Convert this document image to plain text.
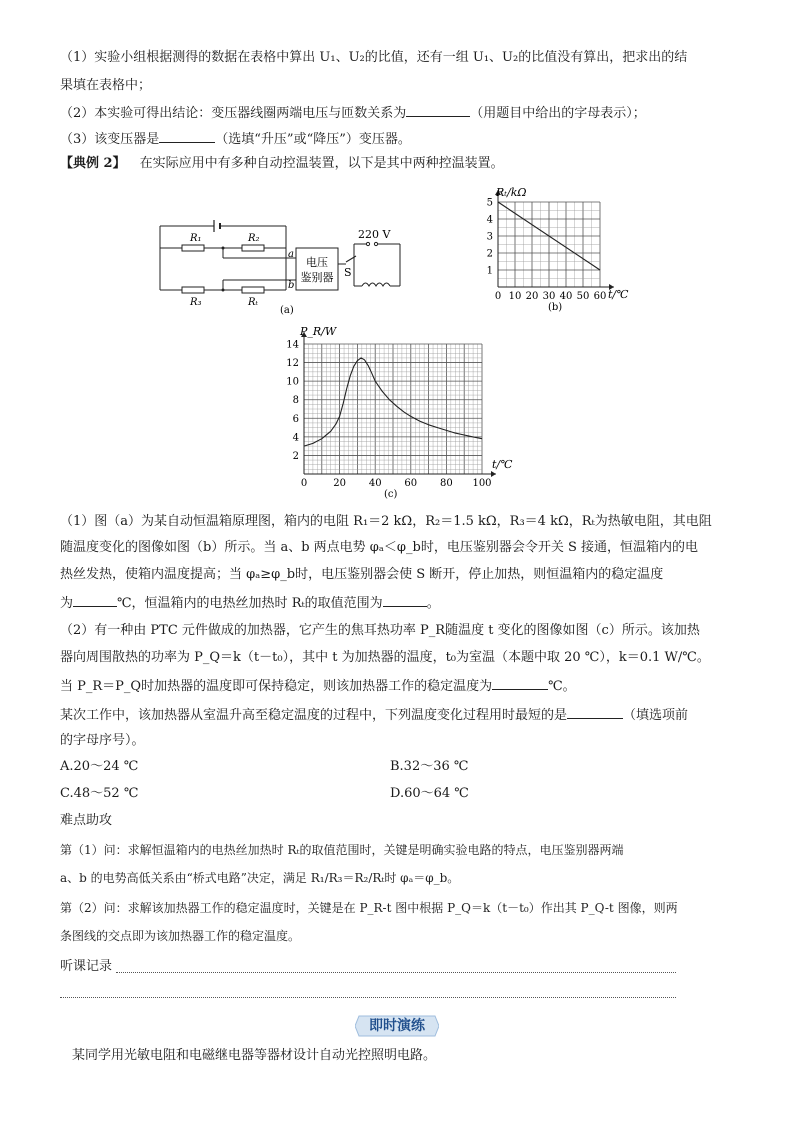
（1）实验小组根据测得的数据在表格中算出 U₁、U₂的比值，还有一组 U₁、U₂的比值没有算出，把求出的结
果填在表格中；
（2）本实验可得出结论：变压器线圈两端电压与匝数关系为	（用题目中给出的字母表示）；
（3）该变压器是	（选填“升压”或“降压”）变压器。
【典例 2】 在实际应用中有多种自动控温装置，以下是其中两种控温装置。
R₁	R₂
R₃	Rₜ
a
b
电压
鉴别器 S
220 V
(a)
0 10 20 30 40 50 60
1
2
3
4
5
Rₜ/kΩ
t/℃
(b)
0	20 40 60 80 100
2
4
6
8
10
12
14
P_R/W
t/℃
(c)
（1）图（a）为某自动恒温箱原理图，箱内的电阻 R₁＝2 kΩ，R₂＝1.5 kΩ，R₃＝4 kΩ，Rₜ为热敏电阻，其电阻
随温度变化的图像如图（b）所示。当 a、b 两点电势 φₐ＜φ_b时，电压鉴别器会令开关 S 接通，恒温箱内的电
热丝发热，使箱内温度提高；当 φₐ≥φ_b时，电压鉴别器会使 S 断开，停止加热，则恒温箱内的稳定温度
为	℃，恒温箱内的电热丝加热时 Rₜ的取值范围为	。
（2）有一种由 PTC 元件做成的加热器，它产生的焦耳热功率 P_R随温度 t 变化的图像如图（c）所示。该加热
器向周围散热的功率为 P_Q＝k（t－t₀），其中 t 为加热器的温度，t₀为室温（本题中取 20 ℃），k＝0.1 W/℃。
当 P_R＝P_Q时加热器的温度即可保持稳定，则该加热器工作的稳定温度为	℃。
某次工作中，该加热器从室温升高至稳定温度的过程中，下列温度变化过程用时最短的是	（填选项前
的字母序号）。
A.20～24 ℃	B.32～36 ℃
C.48～52 ℃	D.60～64 ℃
难点助攻
第（1）问：求解恒温箱内的电热丝加热时 Rₜ的取值范围时，关键是明确实验电路的特点，电压鉴别器两端
a、b 的电势高低关系由“桥式电路”决定，满足 R₁/R₃＝R₂/Rₜ时 φₐ＝φ_b。
第（2）问：求解该加热器工作的稳定温度时，关键是在 P_R-t 图中根据 P_Q＝k（t－t₀）作出其 P_Q-t 图像，则两
条图线的交点即为该加热器工作的稳定温度。
听课记录
即时演练
某同学用光敏电阻和电磁继电器等器材设计自动光控照明电路。
